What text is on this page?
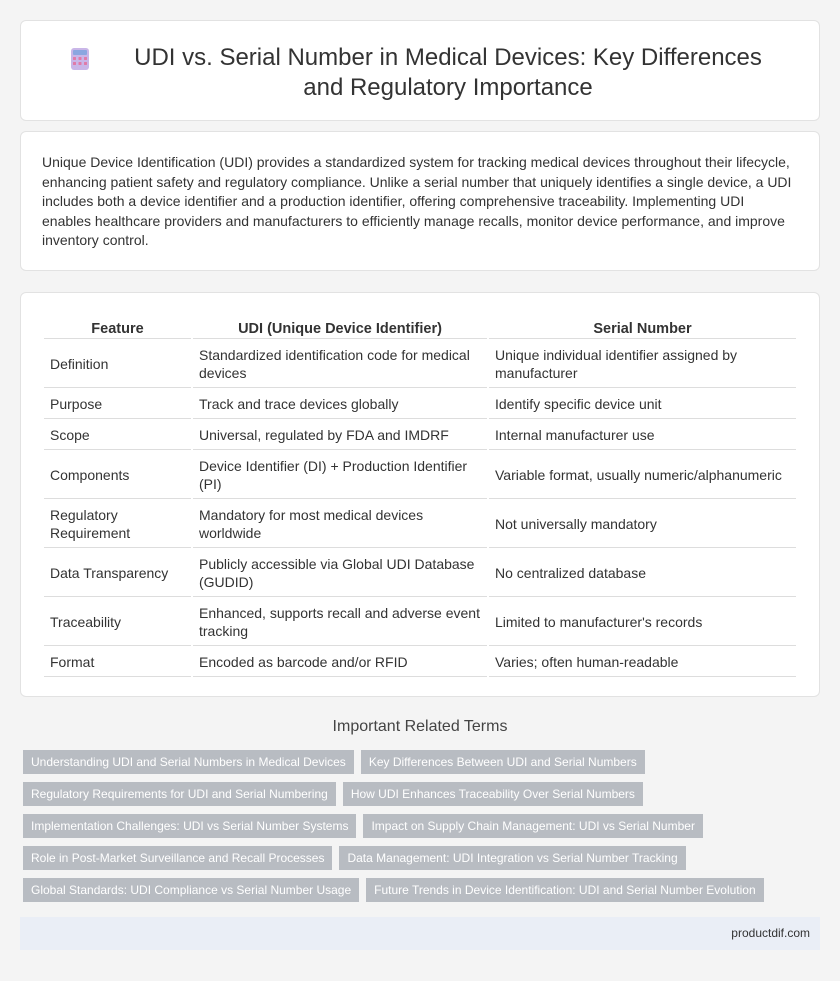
UDI vs. Serial Number in Medical Devices: Key Differences and Regulatory Importance

Unique Device Identification (UDI) provides a standardized system for tracking medical devices throughout their lifecycle, enhancing patient safety and regulatory compliance. Unlike a serial number that uniquely identifies a single device, a UDI includes both a device identifier and a production identifier, offering comprehensive traceability. Implementing UDI enables healthcare providers and manufacturers to efficiently manage recalls, monitor device performance, and improve inventory control.

Feature	UDI (Unique Device Identifier)	Serial Number
Definition	Standardized identification code for medical devices	Unique individual identifier assigned by manufacturer
Purpose	Track and trace devices globally	Identify specific device unit
Scope	Universal, regulated by FDA and IMDRF	Internal manufacturer use
Components	Device Identifier (DI) + Production Identifier (PI)	Variable format, usually numeric/alphanumeric
Regulatory Requirement	Mandatory for most medical devices worldwide	Not universally mandatory
Data Transparency	Publicly accessible via Global UDI Database (GUDID)	No centralized database
Traceability	Enhanced, supports recall and adverse event tracking	Limited to manufacturer's records
Format	Encoded as barcode and/or RFID	Varies; often human-readable
Important Related Terms
Understanding UDI and Serial Numbers in Medical Devices	Key Differences Between UDI and Serial Numbers
Regulatory Requirements for UDI and Serial Numbering	How UDI Enhances Traceability Over Serial Numbers
Implementation Challenges: UDI vs Serial Number Systems	Impact on Supply Chain Management: UDI vs Serial Number
Role in Post-Market Surveillance and Recall Processes	Data Management: UDI Integration vs Serial Number Tracking
Global Standards: UDI Compliance vs Serial Number Usage	Future Trends in Device Identification: UDI and Serial Number Evolution
productdif.com
